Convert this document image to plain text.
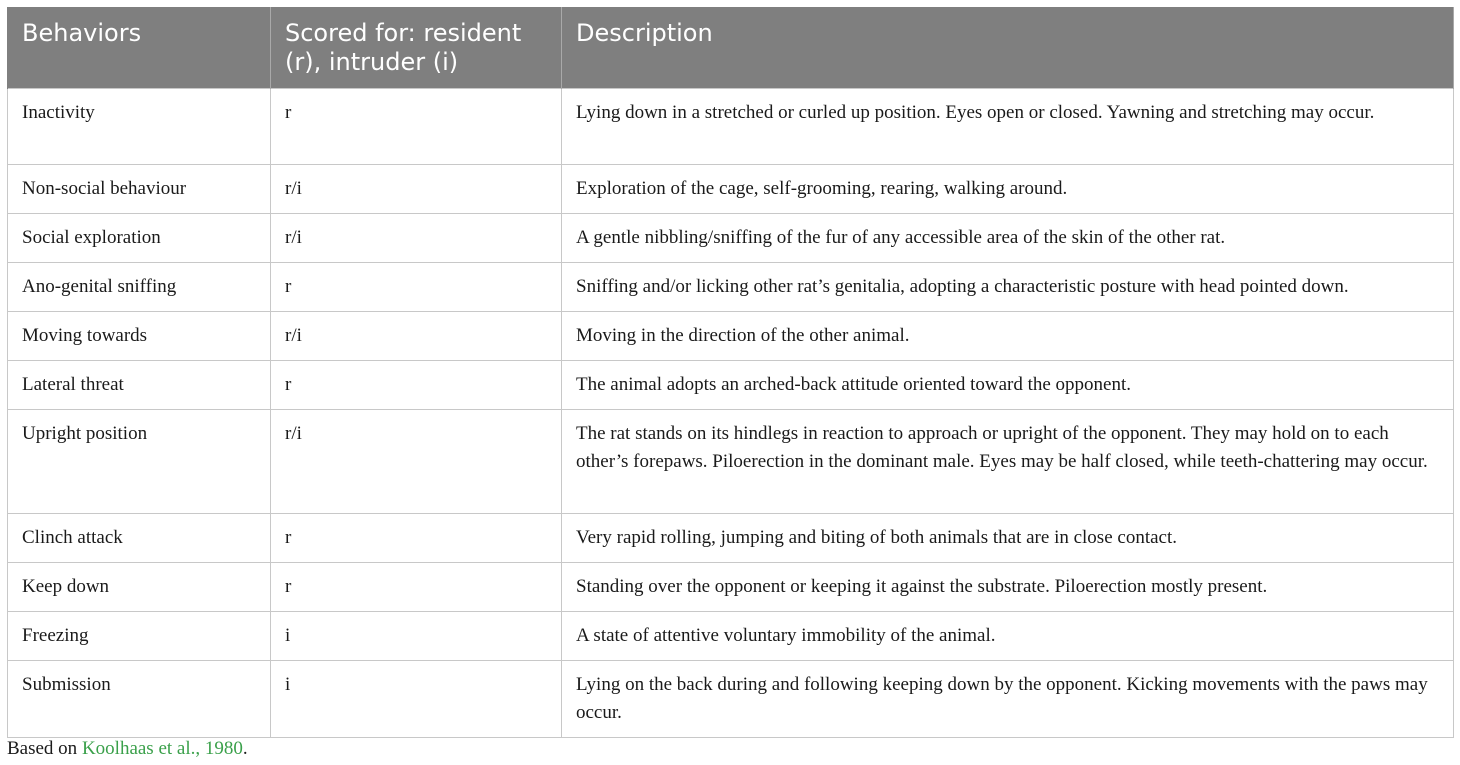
Behaviors	Scored for: resident (r), intruder (i)	Description
Inactivity	r	Lying down in a stretched or curled up position. Eyes open or closed. Yawning and stretching may occur.
Non-social behaviour	r/i	Exploration of the cage, self-grooming, rearing, walking around.
Social exploration	r/i	A gentle nibbling/sniffing of the fur of any accessible area of the skin of the other rat.
Ano-genital sniffing	r	Sniffing and/or licking other rat’s genitalia, adopting a characteristic posture with head pointed down.
Moving towards	r/i	Moving in the direction of the other animal.
Lateral threat	r	The animal adopts an arched-back attitude oriented toward the opponent.
Upright position	r/i	The rat stands on its hindlegs in reaction to approach or upright of the opponent. They may hold on to each other’s forepaws. Piloerection in the dominant male. Eyes may be half closed, while teeth-chattering may occur.
Clinch attack	r	Very rapid rolling, jumping and biting of both animals that are in close contact.
Keep down	r	Standing over the opponent or keeping it against the substrate. Piloerection mostly present.
Freezing	i	A state of attentive voluntary immobility of the animal.
Submission	i	Lying on the back during and following keeping down by the opponent. Kicking movements with the paws may occur.

Based on Koolhaas et al., 1980.
